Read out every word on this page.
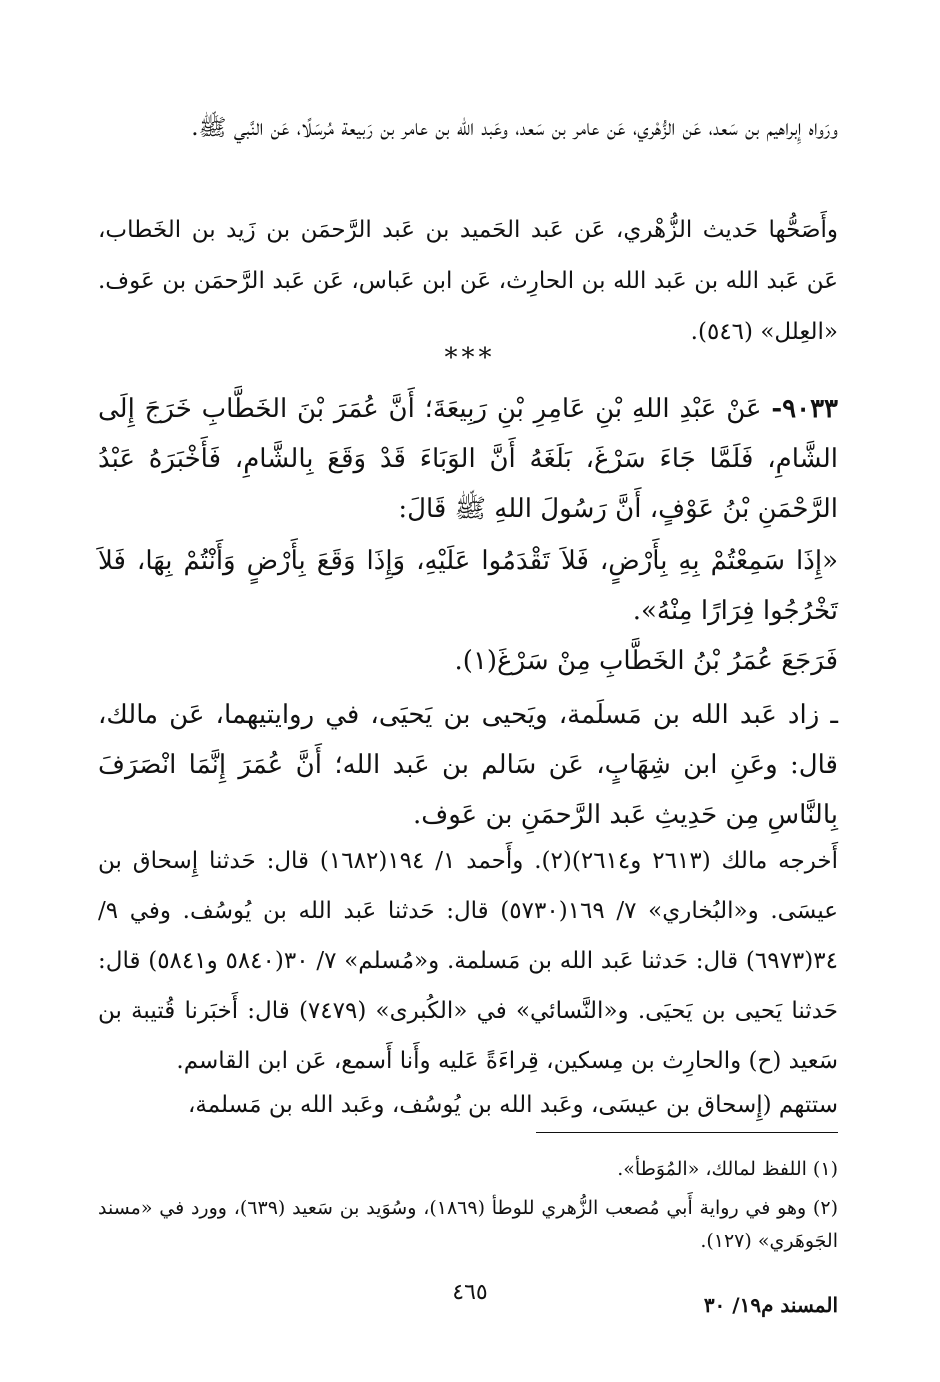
ورَواه إِبراهيم بن سَعد، عَن الزُّهْري، عَن عامر بن سَعد، وعَبد الله بن عامر بن رَبيعة مُرسَلًا، عَن النَّبي ﷺ.

وأَصَحُّها حَديث الزُّهْري، عَن عَبد الحَميد بن عَبد الرَّحمَن بن زَيد بن الخَطاب، عَن عَبد الله بن عَبد الله بن الحارِث، عَن ابن عَباس، عَن عَبد الرَّحمَن بن عَوف. «العِلل» (٥٤٦).

***

٩٠٣٣- عَنْ عَبْدِ اللهِ بْنِ عَامِرِ بْنِ رَبِيعَةَ؛ أَنَّ عُمَرَ بْنَ الخَطَّابِ خَرَجَ إِلَى الشَّامِ، فَلَمَّا جَاءَ سَرْغَ، بَلَغَهُ أَنَّ الوَبَاءَ قَدْ وَقَعَ بِالشَّامِ، فَأَخْبَرَهُ عَبْدُ الرَّحْمَنِ بْنُ عَوْفٍ، أَنَّ رَسُولَ اللهِ ﷺ قَالَ:

«إِذَا سَمِعْتُمْ بِهِ بِأَرْضٍ، فَلاَ تَقْدَمُوا عَلَيْهِ، وَإِذَا وَقَعَ بِأَرْضٍ وَأَنْتُمْ بِهَا، فَلاَ تَخْرُجُوا فِرَارًا مِنْهُ».

فَرَجَعَ عُمَرُ بْنُ الخَطَّابِ مِنْ سَرْغَ(١).

ـ زاد عَبد الله بن مَسلَمة، ويَحيى بن يَحيَى، في روايتيهما، عَن مالك، قال: وعَنِ ابن شِهَابٍ، عَن سَالم بن عَبد الله؛ أَنَّ عُمَرَ إِنَّمَا انْصَرَفَ بِالنَّاسِ مِن حَدِيثِ عَبد الرَّحمَنِ بن عَوف.

أَخرجه مالك (٢٦١٣ و٢٦١٤)(٢). وأَحمد ١/ ١٩٤(١٦٨٢) قال: حَدثنا إِسحاق بن عيسَى. و«البُخاري» ٧/ ١٦٩(٥٧٣٠) قال: حَدثنا عَبد الله بن يُوسُف. وفي ٩/ ٣٤(٦٩٧٣) قال: حَدثنا عَبد الله بن مَسلمة. و«مُسلم» ٧/ ٣٠(٥٨٤٠ و٥٨٤١) قال: حَدثنا يَحيى بن يَحيَى. و«النَّسائي» في «الكُبرى» (٧٤٧٩) قال: أَخبَرنا قُتيبة بن سَعيد (ح) والحارِث بن مِسكين، قِراءَةً عَليه وأَنا أَسمع، عَن ابن القاسم.

ستتهم (إِسحاق بن عيسَى، وعَبد الله بن يُوسُف، وعَبد الله بن مَسلمة،

(١) اللفظ لمالك، «المُوَطأ».

(٢) وهو في رواية أَبي مُصعب الزُّهري للوطأ (١٨٦٩)، وسُوَيد بن سَعيد (٦٣٩)، وورد في «مسند الجَوهَري» (١٢٧).

٤٦٥	المسند م١٩/ ٣٠
